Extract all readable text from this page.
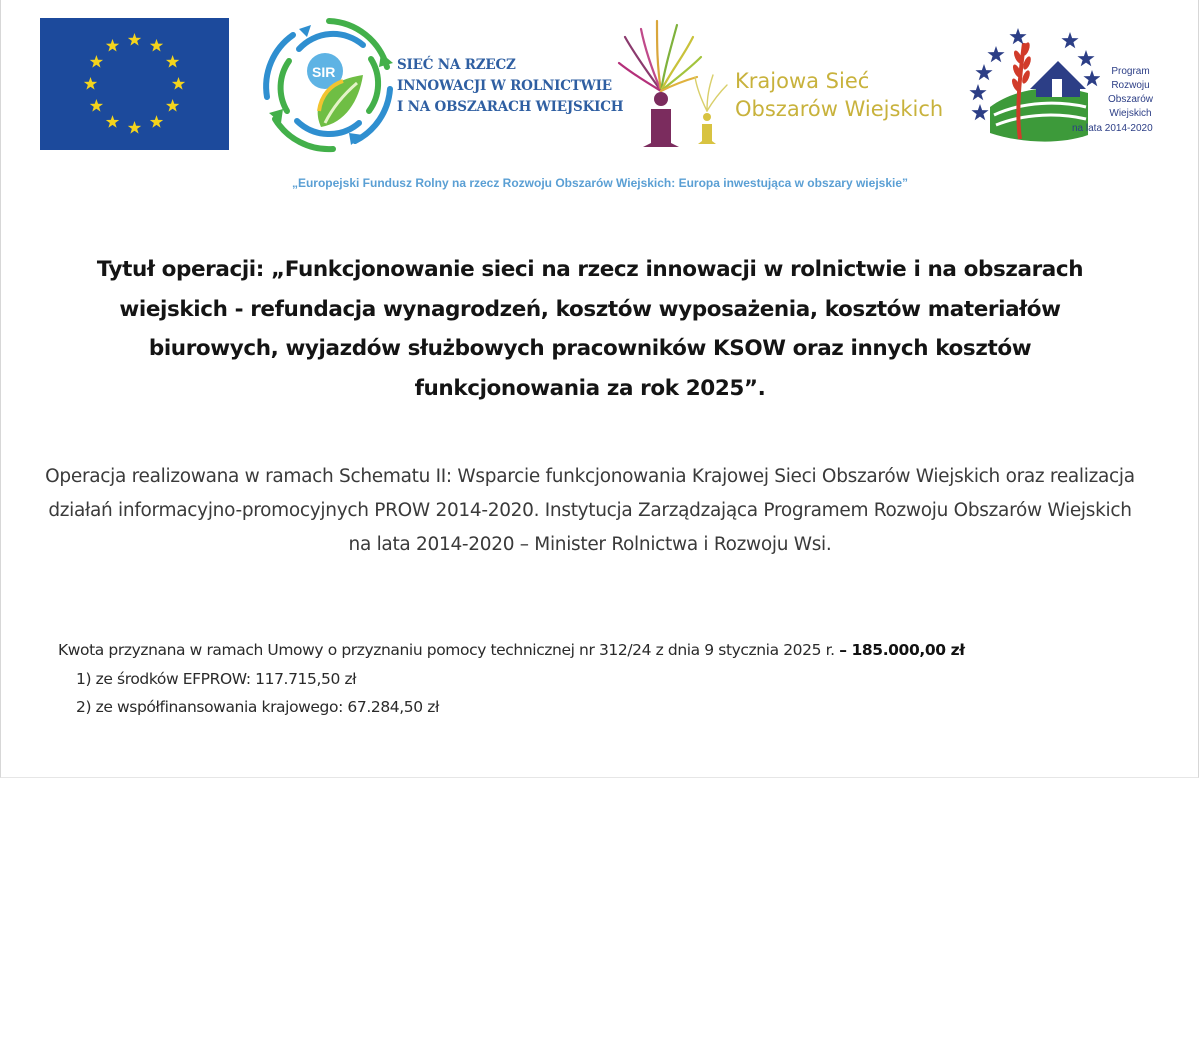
SIR	SIEĆ NA RZECZ
INNOWACJI W ROLNICTWIE
I NA OBSZARACH WIEJSKICH
Krajowa Sieć
Obszarów Wiejskich
Program
Rozwoju
Obszarów
Wiejskich
na lata 2014-2020
„Europejski Fundusz Rolny na rzecz Rozwoju Obszarów Wiejskich: Europa inwestująca w obszary wiejskie”

Tytuł operacji: „Funkcjonowanie sieci na rzecz innowacji w rolnictwie i na obszarach wiejskich - refundacja wynagrodzeń, kosztów wyposażenia, kosztów materiałów biurowych, wyjazdów służbowych pracowników KSOW oraz innych kosztów funkcjonowania za rok 2025”.

Operacja realizowana w ramach Schematu II: Wsparcie funkcjonowania Krajowej Sieci Obszarów Wiejskich oraz realizacja działań informacyjno-promocyjnych PROW 2014-2020. Instytucja Zarządzająca Programem Rozwoju Obszarów Wiejskich na lata 2014-2020 – Minister Rolnictwa i Rozwoju Wsi.

Kwota przyznana w ramach Umowy o przyznaniu pomocy technicznej nr 312/24 z dnia 9 stycznia 2025 r. – 185.000,00 zł
1) ze środków EFPROW: 117.715,50 zł
2) ze współfinansowania krajowego: 67.284,50 zł
